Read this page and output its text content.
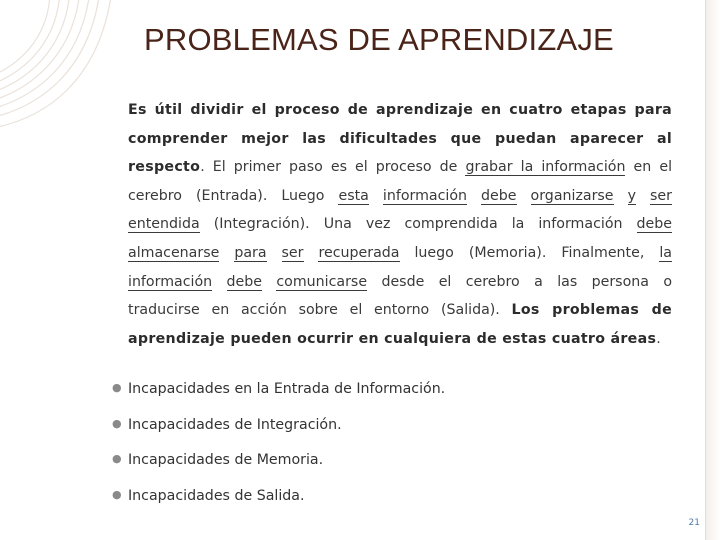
PROBLEMAS DE APRENDIZAJE
Es útil dividir el proceso de aprendizaje en cuatro etapas para
comprender mejor las dificultades que puedan aparecer al
respecto. El primer paso es el proceso de grabar la información en el
cerebro (Entrada). Luego esta información debe organizarse y ser
entendida (Integración). Una vez comprendida la información debe
almacenarse para ser recuperada luego (Memoria). Finalmente, la
información debe comunicarse desde el cerebro a las persona o
traducirse en acción sobre el entorno (Salida). Los problemas de
aprendizaje pueden ocurrir en cualquiera de estas cuatro áreas.
● Incapacidades en la Entrada de Información.
● Incapacidades de Integración.
● Incapacidades de Memoria.
● Incapacidades de Salida.
21
